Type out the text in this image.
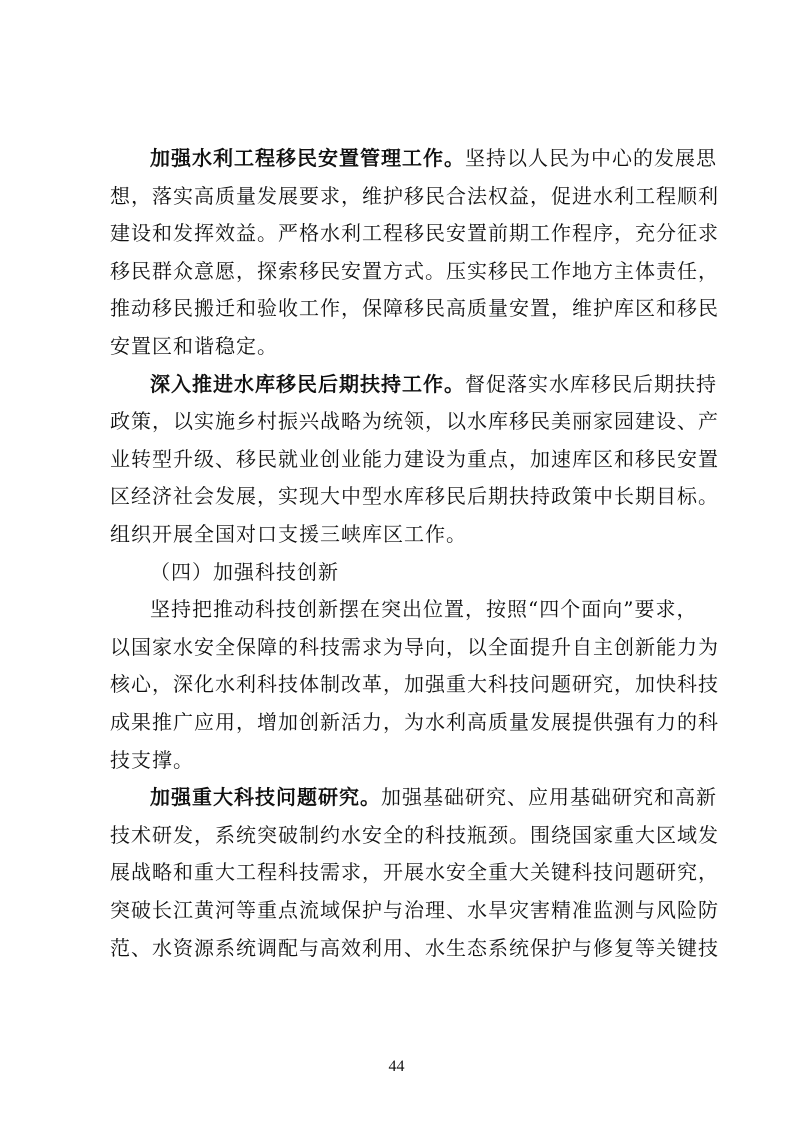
加强水利工程移民安置管理工作。坚持以人民为中心的发展思
想，落实高质量发展要求，维护移民合法权益，促进水利工程顺利
建设和发挥效益。严格水利工程移民安置前期工作程序，充分征求
移民群众意愿，探索移民安置方式。压实移民工作地方主体责任，
推动移民搬迁和验收工作，保障移民高质量安置，维护库区和移民
安置区和谐稳定。
深入推进水库移民后期扶持工作。督促落实水库移民后期扶持
政策，以实施乡村振兴战略为统领，以水库移民美丽家园建设、产
业转型升级、移民就业创业能力建设为重点，加速库区和移民安置
区经济社会发展，实现大中型水库移民后期扶持政策中长期目标。
组织开展全国对口支援三峡库区工作。
（四）加强科技创新
坚持把推动科技创新摆在突出位置，按照“四个面向”要求，
以国家水安全保障的科技需求为导向，以全面提升自主创新能力为
核心，深化水利科技体制改革，加强重大科技问题研究，加快科技
成果推广应用，增加创新活力，为水利高质量发展提供强有力的科
技支撑。
加强重大科技问题研究。加强基础研究、应用基础研究和高新
技术研发，系统突破制约水安全的科技瓶颈。围绕国家重大区域发
展战略和重大工程科技需求，开展水安全重大关键科技问题研究，
突破长江黄河等重点流域保护与治理、水旱灾害精准监测与风险防
范、水资源系统调配与高效利用、水生态系统保护与修复等关键技
44
